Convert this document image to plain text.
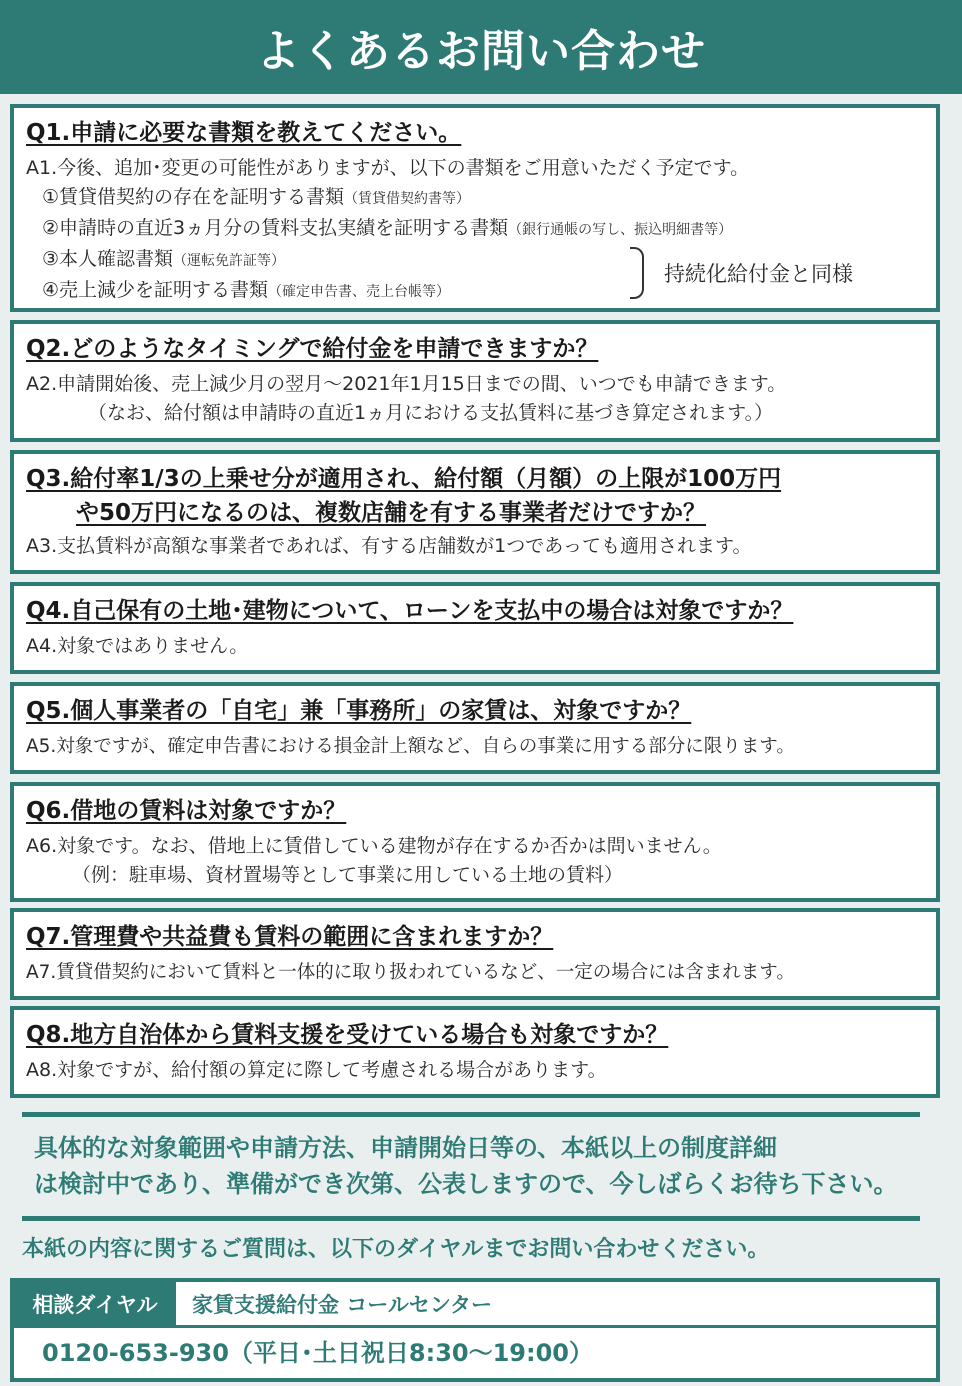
よくあるお問い合わせ
Q1.申請に必要な書類を教えてください。
A1.今後、追加･変更の可能性がありますが、以下の書類をご用意いただく予定です。
①賃貸借契約の存在を証明する書類（賃貸借契約書等）
②申請時の直近3ヵ月分の賃料支払実績を証明する書類（銀行通帳の写し、振込明細書等）
③本人確認書類（運転免許証等）
④売上減少を証明する書類（確定申告書、売上台帳等）
持続化給付金と同様
Q2.どのようなタイミングで給付金を申請できますか？
A2.申請開始後、売上減少月の翌月～2021年1月15日までの間、いつでも申請できます。
（なお、給付額は申請時の直近1ヵ月における支払賃料に基づき算定されます。）
Q3.給付率1/3の上乗せ分が適用され、給付額（月額）の上限が100万円
や50万円になるのは、複数店舗を有する事業者だけですか？
A3.支払賃料が高額な事業者であれば、有する店舗数が1つであっても適用されます。
Q4.自己保有の土地･建物について、ローンを支払中の場合は対象ですか？
A4.対象ではありません。
Q5.個人事業者の「自宅」兼「事務所」の家賃は、対象ですか？
A5.対象ですが、確定申告書における損金計上額など、自らの事業に用する部分に限ります。
Q6.借地の賃料は対象ですか？
A6.対象です。なお、借地上に賃借している建物が存在するか否かは問いません。
（例：駐車場、資材置場等として事業に用している土地の賃料）
Q7.管理費や共益費も賃料の範囲に含まれますか？
A7.賃貸借契約において賃料と一体的に取り扱われているなど、一定の場合には含まれます。
Q8.地方自治体から賃料支援を受けている場合も対象ですか？
A8.対象ですが、給付額の算定に際して考慮される場合があります。
具体的な対象範囲や申請方法、申請開始日等の、本紙以上の制度詳細
は検討中であり、準備ができ次第、公表しますので、今しばらくお待ち下さい。
本紙の内容に関するご質問は、以下のダイヤルまでお問い合わせください。
相談ダイヤル	家賃支援給付金 コールセンター
0120-653-930（平日･土日祝日8:30～19:00）
